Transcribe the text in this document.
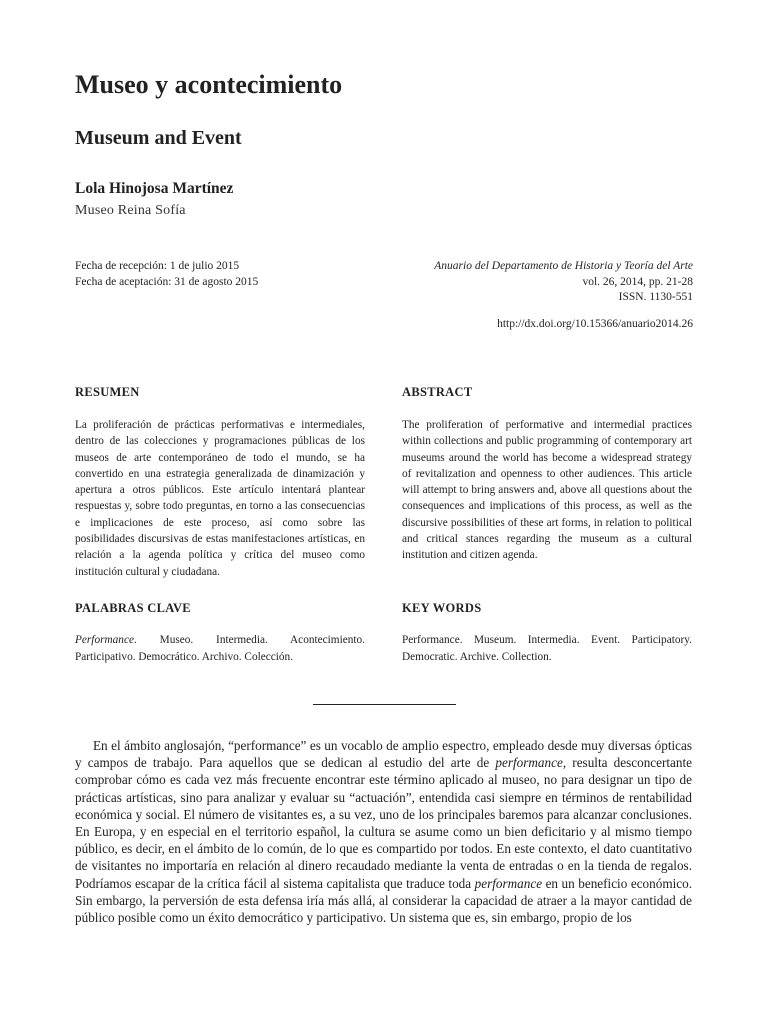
Museo y acontecimiento
Museum and Event
Lola Hinojosa Martínez
Museo Reina Sofía
Fecha de recepción: 1 de julio 2015
Fecha de aceptación: 31 de agosto 2015
Anuario del Departamento de Historia y Teoría del Arte
vol. 26, 2014, pp. 21-28
ISSN. 1130-551
http://dx.doi.org/10.15366/anuario2014.26
RESUMEN
La proliferación de prácticas performativas e intermediales, dentro de las colecciones y programaciones públicas de los museos de arte contemporáneo de todo el mundo, se ha convertido en una estrategia generalizada de dinamización y apertura a otros públicos. Este artículo intentará plantear respuestas y, sobre todo preguntas, en torno a las consecuencias e implicaciones de este proceso, así como sobre las posibilidades discursivas de estas manifestaciones artísticas, en relación a la agenda política y crítica del museo como institución cultural y ciudadana.
ABSTRACT
The proliferation of performative and intermedial practices within collections and public programming of contemporary art museums around the world has become a widespread strategy of revitalization and openness to other audiences. This article will attempt to bring answers and, above all questions about the consequences and implications of this process, as well as the discursive possibilities of these art forms, in relation to political and critical stances regarding the museum as a cultural institution and citizen agenda.
PALABRAS CLAVE
Performance. Museo. Intermedia. Acontecimiento. Participativo. Democrático. Archivo. Colección.
KEY WORDS
Performance. Museum. Intermedia. Event. Participatory. Democratic. Archive. Collection.
En el ámbito anglosajón, “performance” es un vocablo de amplio espectro, empleado desde muy diversas ópticas y campos de trabajo. Para aquellos que se dedican al estudio del arte de performance, resulta desconcertante comprobar cómo es cada vez más frecuente encontrar este término aplicado al museo, no para designar un tipo de prácticas artísticas, sino para analizar y evaluar su “actuación”, entendida casi siempre en términos de rentabilidad económica y social. El número de visitantes es, a su vez, uno de los principales baremos para alcanzar conclusiones. En Europa, y en especial en el territorio español, la cultura se asume como un bien deficitario y al mismo tiempo público, es decir, en el ámbito de lo común, de lo que es compartido por todos. En este contexto, el dato cuantitativo de visitantes no importaría en relación al dinero recaudado mediante la venta de entradas o en la tienda de regalos. Podríamos escapar de la crítica fácil al sistema capitalista que traduce toda performance en un beneficio económico. Sin embargo, la perversión de esta defensa iría más allá, al considerar la capacidad de atraer a la mayor cantidad de público posible como un éxito democrático y participativo. Un sistema que es, sin embargo, propio de los
